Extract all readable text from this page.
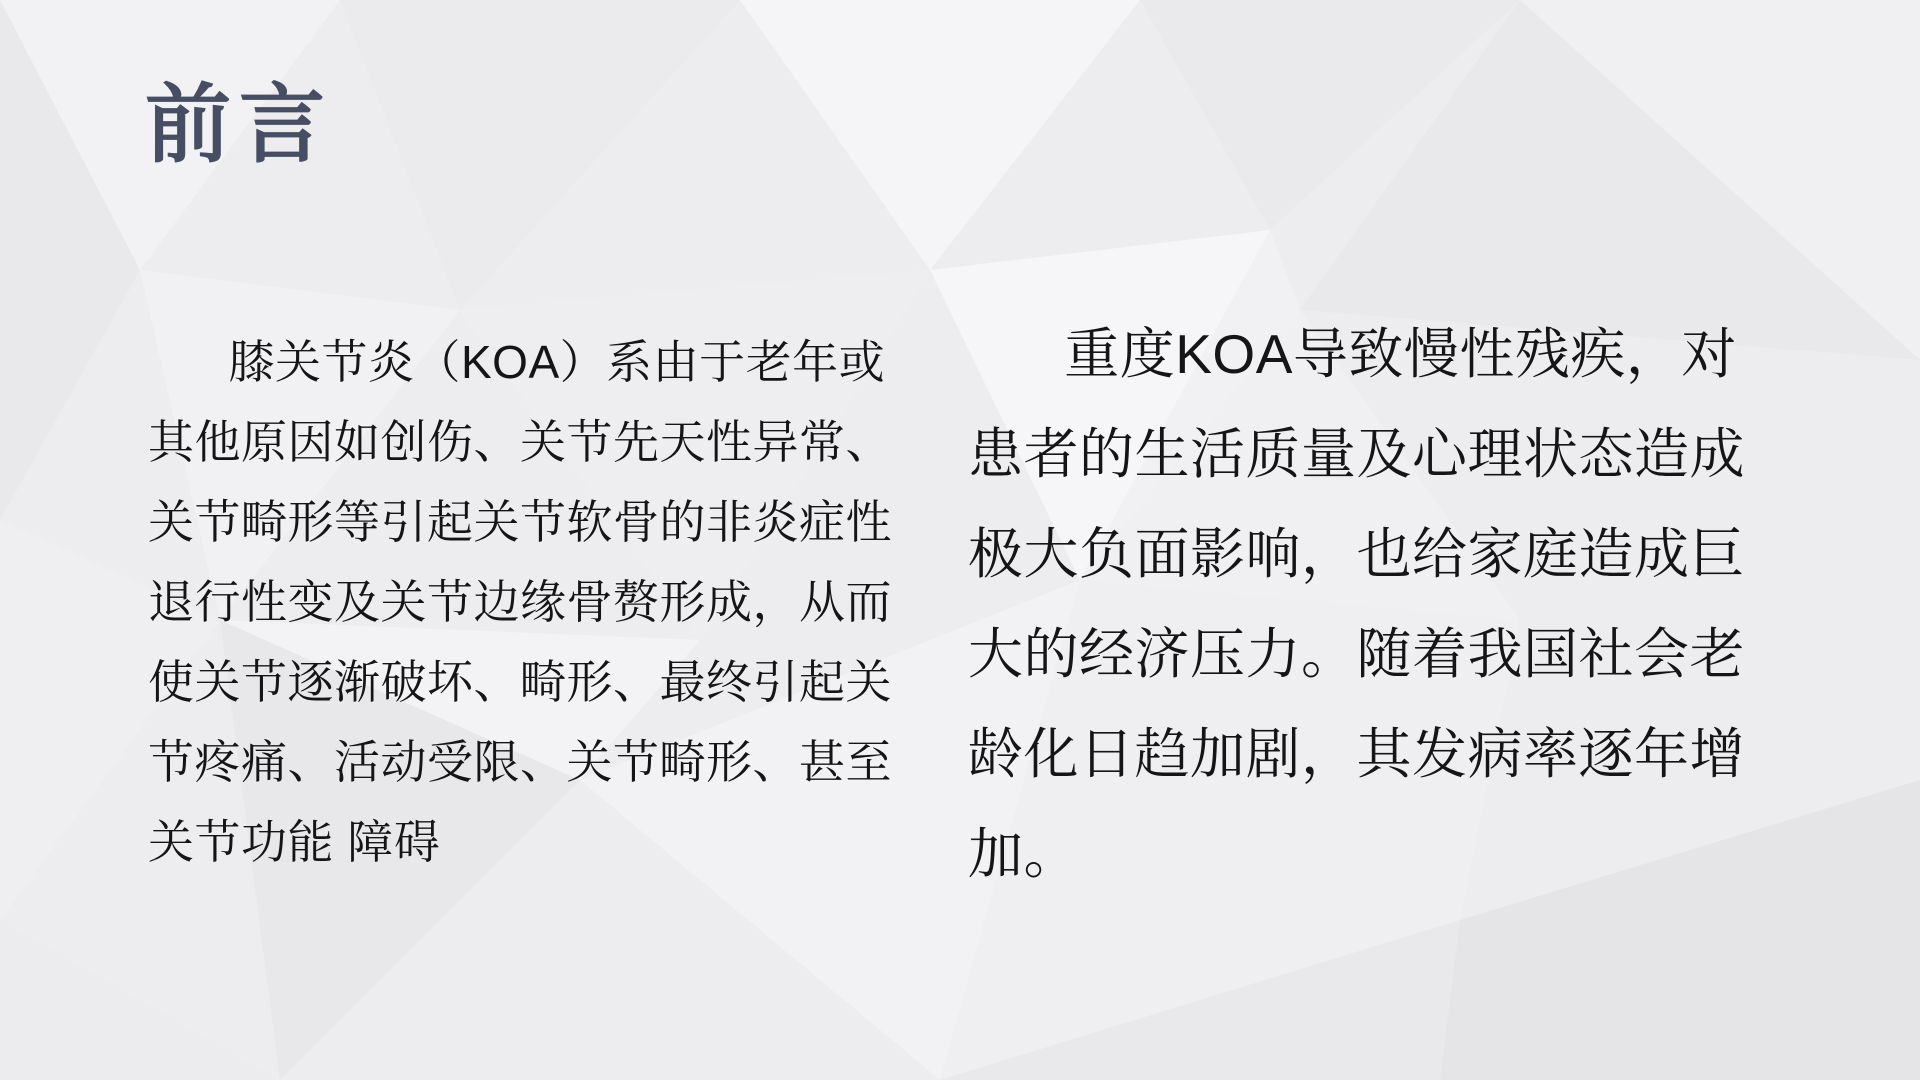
前言
膝关节炎（KOA）系由于老年或
其他原因如创伤、关节先天性异常、
关节畸形等引起关节软骨的非炎症性
退行性变及关节边缘骨赘形成，从而
使关节逐渐破坏、畸形、最终引起关
节疼痛、活动受限、关节畸形、甚至
关节功能 障碍
重度KOA导致慢性残疾，对
患者的生活质量及心理状态造成
极大负面影响，也给家庭造成巨
大的经济压力。随着我国社会老
龄化日趋加剧，其发病率逐年增
加。
